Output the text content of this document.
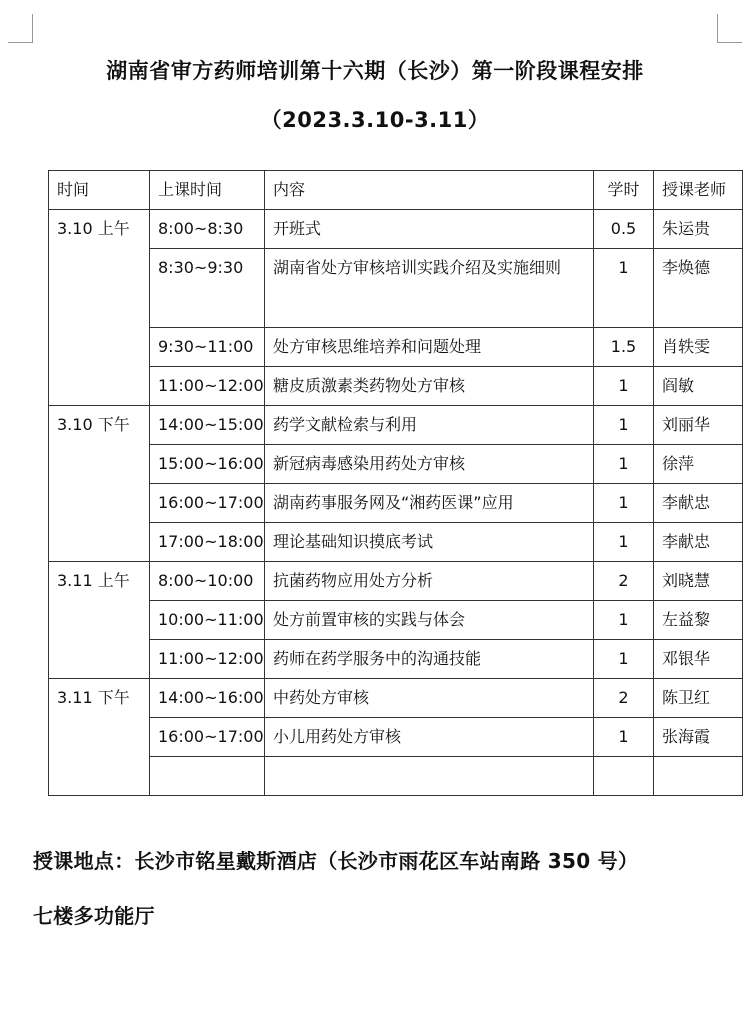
湖南省审方药师培训第十六期（长沙）第一阶段课程安排
（2023.3.10-3.11）
时间	上课时间	内容	学时	授课老师
3.10 上午	8:00~8:30	开班式	0.5	朱运贵
	8:30~9:30	湖南省处方审核培训实践介绍及实施细则	1	李焕德
	9:30~11:00	处方审核思维培养和问题处理	1.5	肖轶雯
	11:00~12:00	糖皮质激素类药物处方审核	1	阎敏
3.10 下午	14:00~15:00	药学文献检索与利用	1	刘丽华
	15:00~16:00	新冠病毒感染用药处方审核	1	徐萍
	16:00~17:00	湖南药事服务网及“湘药医课”应用	1	李献忠
	17:00~18:00	理论基础知识摸底考试	1	李献忠
3.11 上午	8:00~10:00	抗菌药物应用处方分析	2	刘晓慧
	10:00~11:00	处方前置审核的实践与体会	1	左益黎
	11:00~12:00	药师在药学服务中的沟通技能	1	邓银华
3.11 下午	14:00~16:00	中药处方审核	2	陈卫红
	16:00~17:00	小儿用药处方审核	1	张海霞

授课地点：长沙市铭星戴斯酒店（长沙市雨花区车站南路 350 号）
七楼多功能厅
